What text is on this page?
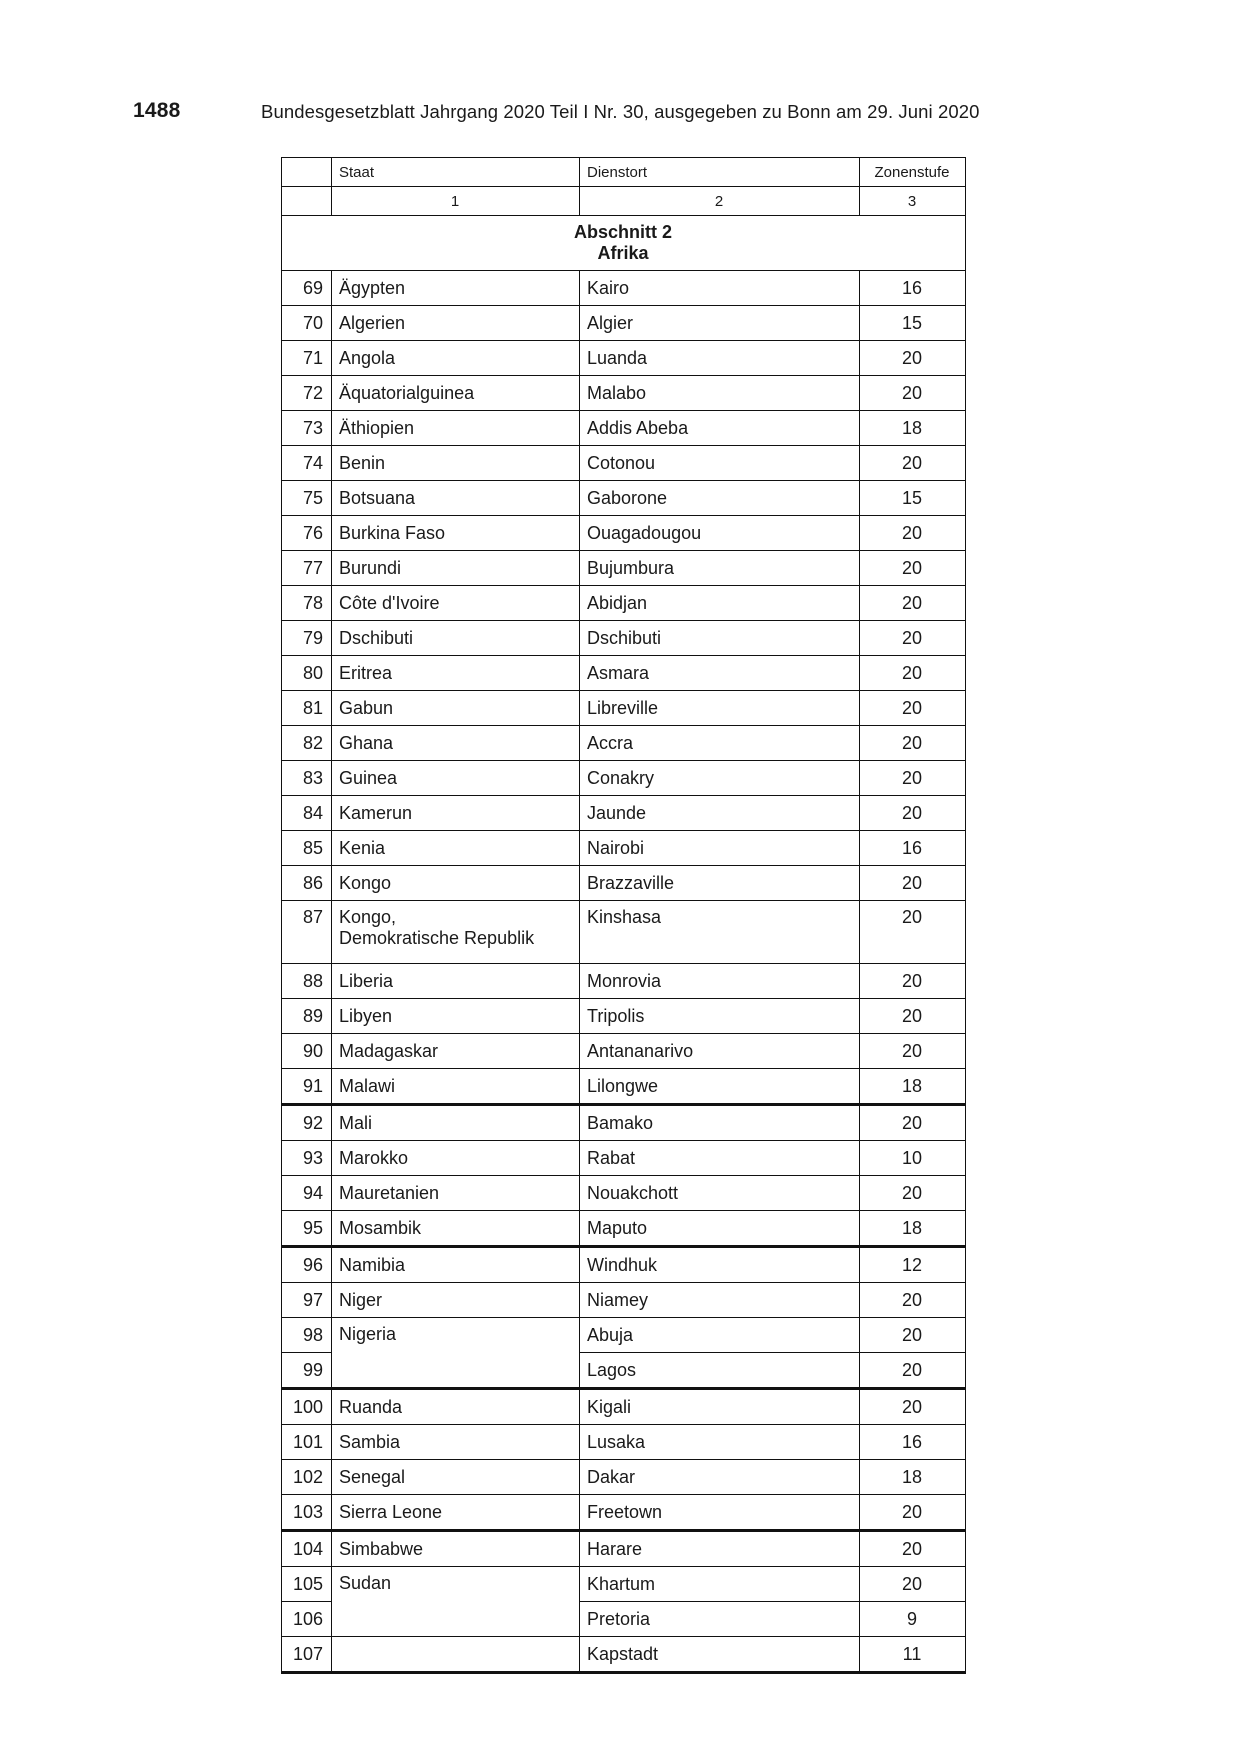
1488	Bundesgesetzblatt Jahrgang 2020 Teil I Nr. 30, ausgegeben zu Bonn am 29. Juni 2020
	Staat	Dienstort	Zonenstufe
	1	2	3

Abschnitt 2
Afrika			

69	Ägypten	Kairo	16
70	Algerien	Algier	15
71	Angola	Luanda	20
72	Äquatorialguinea	Malabo	20
73	Äthiopien	Addis Abeba	18
74	Benin	Cotonou	20
75	Botsuana	Gaborone	15
76	Burkina Faso	Ouagadougou	20
77	Burundi	Bujumbura	20
78	Côte d'Ivoire	Abidjan	20
79	Dschibuti	Dschibuti	20
80	Eritrea	Asmara	20
81	Gabun	Libreville	20
82	Ghana	Accra	20
83	Guinea	Conakry	20
84	Kamerun	Jaunde	20
85	Kenia	Nairobi	16
86	Kongo	Brazzaville	20
87	Kongo,
Demokratische Republik	Kinshasa	20
88	Liberia	Monrovia	20
89	Libyen	Tripolis	20
90	Madagaskar	Antananarivo	20
91	Malawi	Lilongwe	18
92	Mali	Bamako	20
93	Marokko	Rabat	10
94	Mauretanien	Nouakchott	20
95	Mosambik	Maputo	18
96	Namibia	Windhuk	12
97	Niger	Niamey	20
98	Nigeria	Abuja	20
99		Lagos	20
100	Ruanda	Kigali	20
101	Sambia	Lusaka	16
102	Senegal	Dakar	18
103	Sierra Leone	Freetown	20
104	Simbabwe	Harare	20
105	Sudan	Khartum	20
106		Pretoria	9
107		Kapstadt	11
